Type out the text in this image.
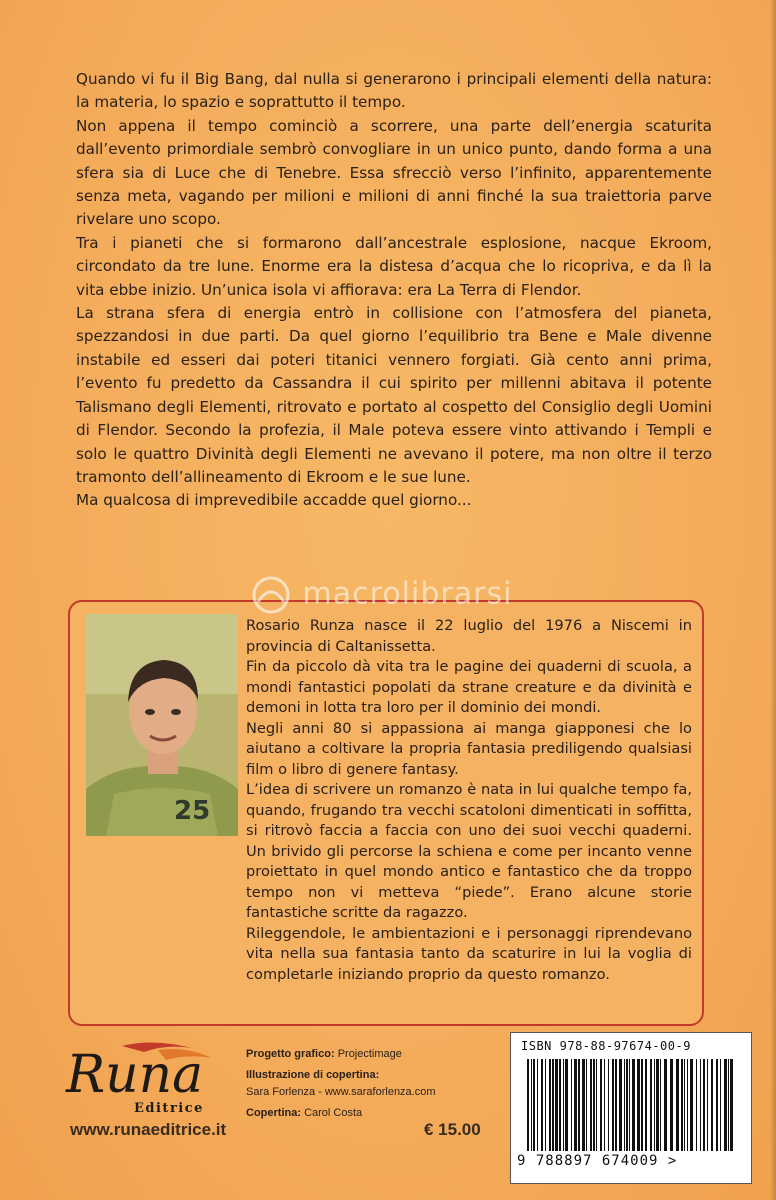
Quando vi fu il Big Bang, dal nulla si generarono i principali elementi della natura: la materia, lo spazio e soprattutto il tempo.

Non appena il tempo cominciò a scorrere, una parte dell’energia scaturita dall’evento primordiale sembrò convogliare in un unico punto, dando forma a una sfera sia di Luce che di Tenebre. Essa sfrecciò verso l’infinito, apparentemente senza meta, vagando per milioni e milioni di anni finché la sua traiettoria parve rivelare uno scopo.

Tra i pianeti che si formarono dall’ancestrale esplosione, nacque Ekroom, circondato da tre lune. Enorme era la distesa d’acqua che lo ricopriva, e da lì la vita ebbe inizio. Un’unica isola vi affiorava: era La Terra di Flendor.

La strana sfera di energia entrò in collisione con l’atmosfera del pianeta, spezzandosi in due parti. Da quel giorno l’equilibrio tra Bene e Male divenne instabile ed esseri dai poteri titanici vennero forgiati. Già cento anni prima, l’evento fu predetto da Cassandra il cui spirito per millenni abitava il potente Talismano degli Elementi, ritrovato e portato al cospetto del Consiglio degli Uomini di Flendor. Secondo la profezia, il Male poteva essere vinto attivando i Templi e solo le quattro Divinità degli Elementi ne avevano il potere, ma non oltre il terzo tramonto dell’allineamento di Ekroom e le sue lune.

Ma qualcosa di imprevedibile accadde quel giorno...

25

Rosario Runza nasce il 22 luglio del 1976 a Niscemi in provincia di Caltanissetta.

Fin da piccolo dà vita tra le pagine dei quaderni di scuola, a mondi fantastici popolati da strane creature e da divinità e demoni in lotta tra loro per il dominio dei mondi.

Negli anni 80 si appassiona ai manga giapponesi che lo aiutano a coltivare la propria fantasia prediligendo qualsiasi film o libro di genere fantasy.

L’idea di scrivere un romanzo è nata in lui qualche tempo fa, quando, frugando tra vecchi scatoloni dimenticati in soffitta, si ritrovò faccia a faccia con uno dei suoi vecchi quaderni. Un brivido gli percorse la schiena e come per incanto venne proiettato in quel mondo antico e fantastico che da troppo tempo non vi metteva “piede”. Erano alcune storie fantastiche scritte da ragazzo.

Rileggendole, le ambientazioni e i personaggi riprendevano vita nella sua fantasia tanto da scaturire in lui la voglia di completarle iniziando proprio da questo romanzo.

macrolibrarsi
Runa
Editrice
Progetto grafico: Projectimage
Illustrazione di copertina:
Sara Forlenza - www.saraforlenza.com
Copertina: Carol Costa
ISBN 978-88-97674-00-9
9 788897 674009 >
www.runaeditrice.it	€ 15.00
